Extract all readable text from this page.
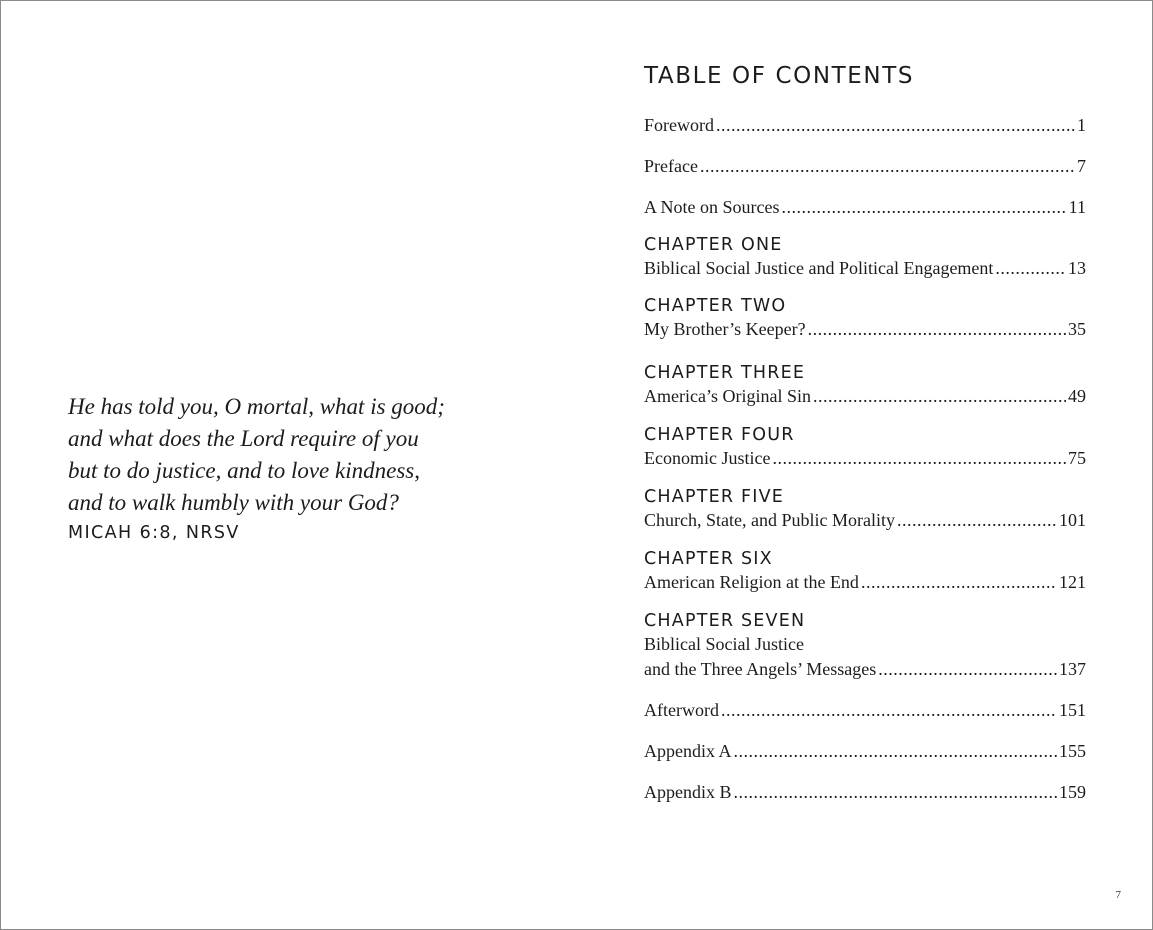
He has told you, O mortal, what is good;
and what does the Lord require of you
but to do justice, and to love kindness,
and to walk humbly with your God?
MICAH 6:8, NRSV
TABLE OF CONTENTS
Foreword .....	1
Preface .....	7
A Note on Sources .....	11
CHAPTER ONE
Biblical Social Justice and Political Engagement .....	13
CHAPTER TWO
My Brother’s Keeper? .....	35
CHAPTER THREE
America’s Original Sin .....	49
CHAPTER FOUR
Economic Justice .....	75
CHAPTER FIVE
Church, State, and Public Morality .....	101
CHAPTER SIX
American Religion at the End .....	121
CHAPTER SEVEN
Biblical Social Justice
and the Three Angels’ Messages .....	137
Afterword .....	151
Appendix A .....	155
Appendix B .....	159
7
